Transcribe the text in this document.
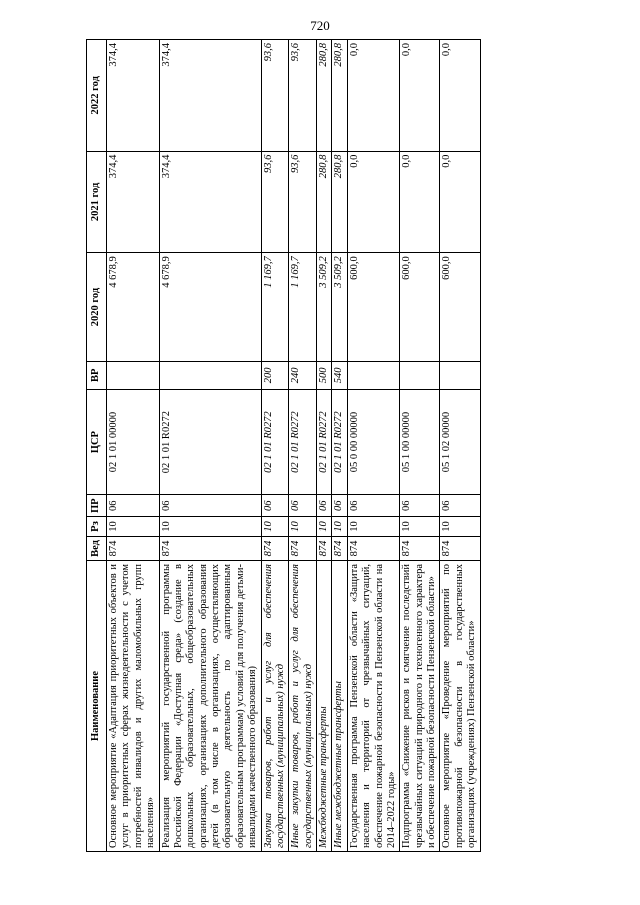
720
Наименование	Вед	Рз	ПР	ЦСР	ВР	2020 год	2021 год	2022 год
Основное мероприятие «Адаптация приоритетных объектов и услуг в приоритетных сферах жизнедеятельности с учетом потребностей инвалидов и других маломобильных групп населения»	874	10	06	02 1 01 00000		4 678,9	374,4	374,4
Реализация мероприятий государственной программы Российской Федерации «Доступная среда» (создание в дошкольных образовательных, общеобразовательных организациях, организациях дополнительного образования детей (в том числе в организациях, осуществляющих образовательную деятельность по адаптированным образовательным программам) условий для получения детьми-инвалидами качественного образования)	874	10	06	02 1 01 R0272		4 678,9	374,4	374,4
Закупка товаров, работ и услуг для обеспечения государственных (муниципальных) нужд	874	10	06	02 1 01 R0272	200	1 169,7	93,6	93,6
Иные закупки товаров, работ и услуг для обеспечения государственных (муниципальных) нужд	874	10	06	02 1 01 R0272	240	1 169,7	93,6	93,6
Межбюджетные трансферты	874	10	06	02 1 01 R0272	500	3 509,2	280,8	280,8
Иные межбюджетные трансферты	874	10	06	02 1 01 R0272	540	3 509,2	280,8	280,8
Государственная программа Пензенской области «Защита населения и территорий от чрезвычайных ситуаций, обеспечение пожарной безопасности в Пензенской области на 2014–2022 годы»	874	10	06	05 0 00 00000		600,0	0,0	0,0
Подпрограмма «Снижение рисков и смягчение последствий чрезвычайных ситуаций природного и техногенного характера и обеспечение пожарной безопасности Пензенской области»	874	10	06	05 1 00 00000		600,0	0,0	0,0
Основное мероприятие «Проведение мероприятий по противопожарной безопасности в государственных организациях (учреждениях) Пензенской области»	874	10	06	05 1 02 00000		600,0	0,0	0,0
